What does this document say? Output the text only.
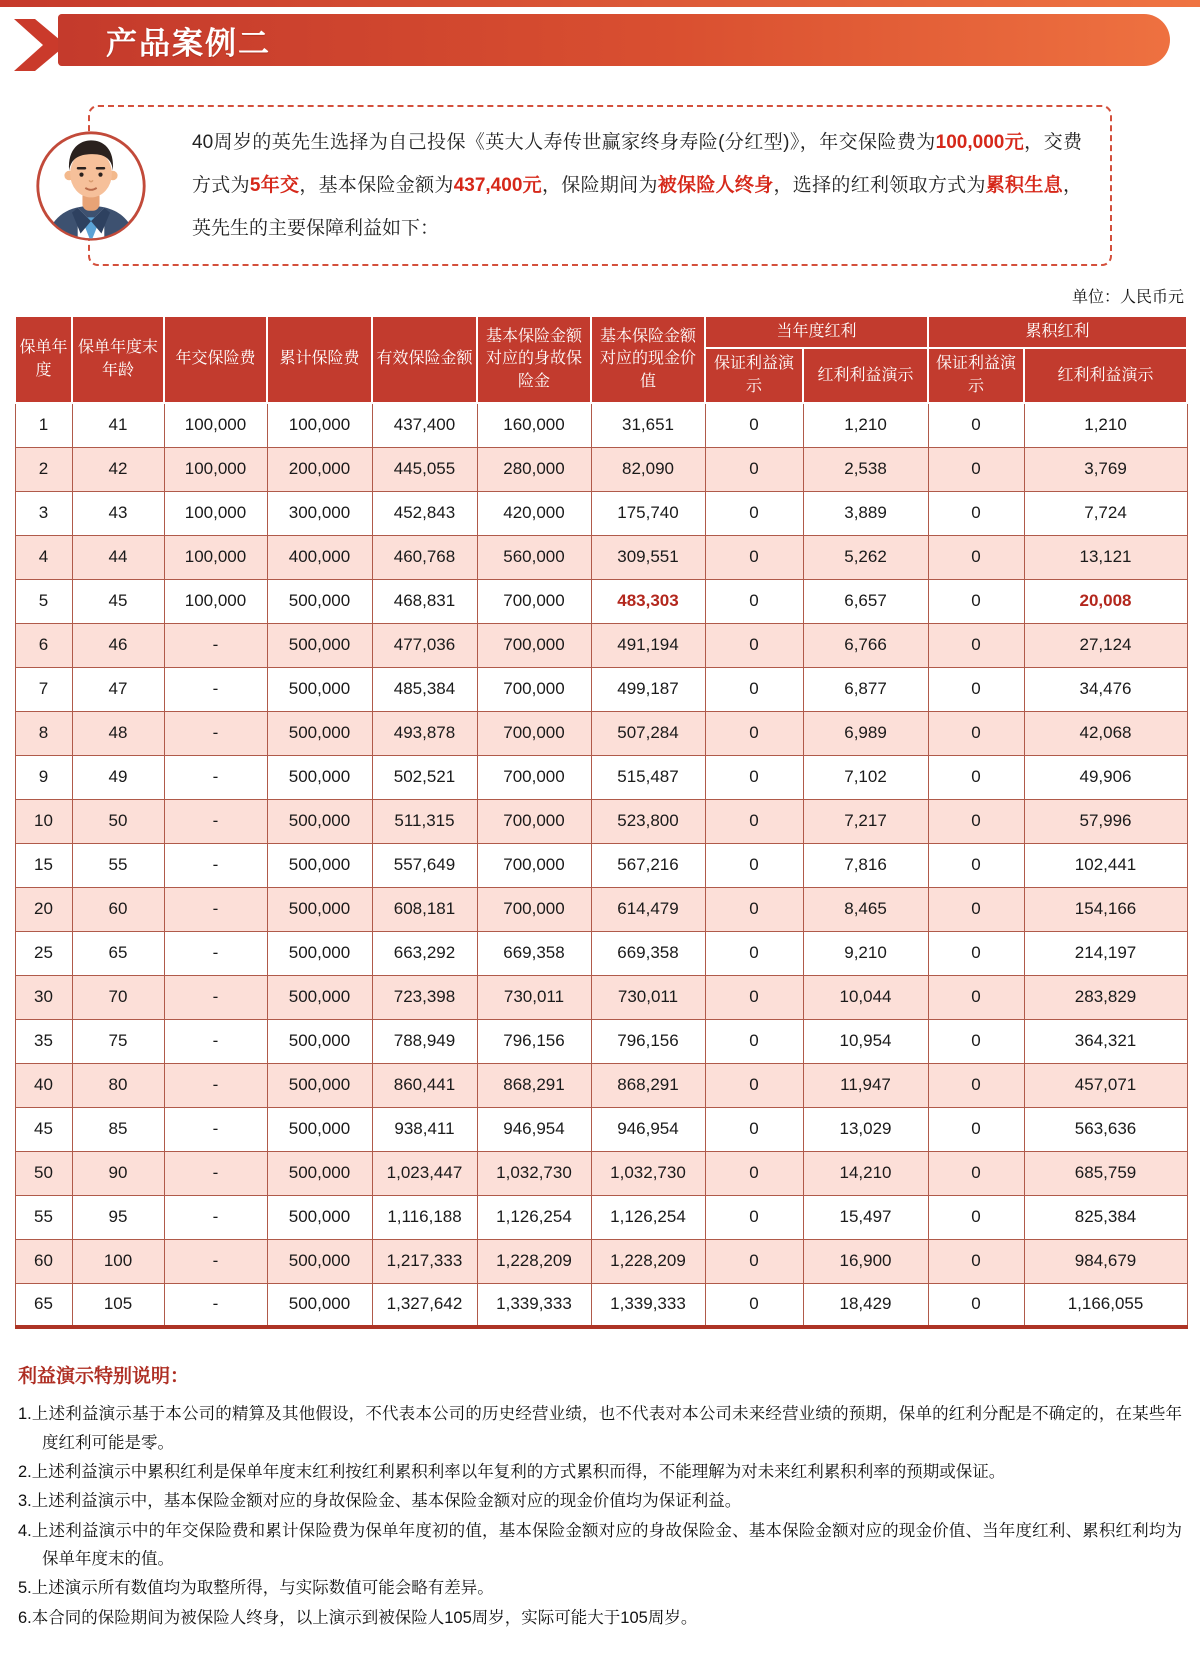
产品案例二

40周岁的英先生选择为自己投保《英大人寿传世赢家终身寿险(分红型)》，年交保险费为100,000元，交费方式为5年交，基本保险金额为437,400元，保险期间为被保险人终身，选择的红利领取方式为累积生息，英先生的主要保障利益如下：

单位：人民币元
保单年度	保单年度末年龄	年交保险费	累计保险费	有效保险金额	基本保险金额对应的身故保险金	基本保险金额对应的现金价值	当年度红利		累积红利	
							保证利益演示	红利利益演示	保证利益演示	红利利益演示
1	41	100,000	100,000	437,400	160,000	31,651	0	1,210	0	1,210
2	42	100,000	200,000	445,055	280,000	82,090	0	2,538	0	3,769
3	43	100,000	300,000	452,843	420,000	175,740	0	3,889	0	7,724
4	44	100,000	400,000	460,768	560,000	309,551	0	5,262	0	13,121
5	45	100,000	500,000	468,831	700,000	483,303	0	6,657	0	20,008
6	46	-	500,000	477,036	700,000	491,194	0	6,766	0	27,124
7	47	-	500,000	485,384	700,000	499,187	0	6,877	0	34,476
8	48	-	500,000	493,878	700,000	507,284	0	6,989	0	42,068
9	49	-	500,000	502,521	700,000	515,487	0	7,102	0	49,906
10	50	-	500,000	511,315	700,000	523,800	0	7,217	0	57,996
15	55	-	500,000	557,649	700,000	567,216	0	7,816	0	102,441
20	60	-	500,000	608,181	700,000	614,479	0	8,465	0	154,166
25	65	-	500,000	663,292	669,358	669,358	0	9,210	0	214,197
30	70	-	500,000	723,398	730,011	730,011	0	10,044	0	283,829
35	75	-	500,000	788,949	796,156	796,156	0	10,954	0	364,321
40	80	-	500,000	860,441	868,291	868,291	0	11,947	0	457,071
45	85	-	500,000	938,411	946,954	946,954	0	13,029	0	563,636
50	90	-	500,000	1,023,447	1,032,730	1,032,730	0	14,210	0	685,759
55	95	-	500,000	1,116,188	1,126,254	1,126,254	0	15,497	0	825,384
60	100	-	500,000	1,217,333	1,228,209	1,228,209	0	16,900	0	984,679
65	105	-	500,000	1,327,642	1,339,333	1,339,333	0	18,429	0	1,166,055
利益演示特别说明：
1.上述利益演示基于本公司的精算及其他假设，不代表本公司的历史经营业绩，也不代表对本公司未来经营业绩的预期，保单的红利分配是不确定的，在某些年度红利可能是零。
2.上述利益演示中累积红利是保单年度末红利按红利累积利率以年复利的方式累积而得，不能理解为对未来红利累积利率的预期或保证。
3.上述利益演示中，基本保险金额对应的身故保险金、基本保险金额对应的现金价值均为保证利益。
4.上述利益演示中的年交保险费和累计保险费为保单年度初的值，基本保险金额对应的身故保险金、基本保险金额对应的现金价值、当年度红利、累积红利均为保单年度末的值。
5.上述演示所有数值均为取整所得，与实际数值可能会略有差异。
6.本合同的保险期间为被保险人终身，以上演示到被保险人105周岁，实际可能大于105周岁。
